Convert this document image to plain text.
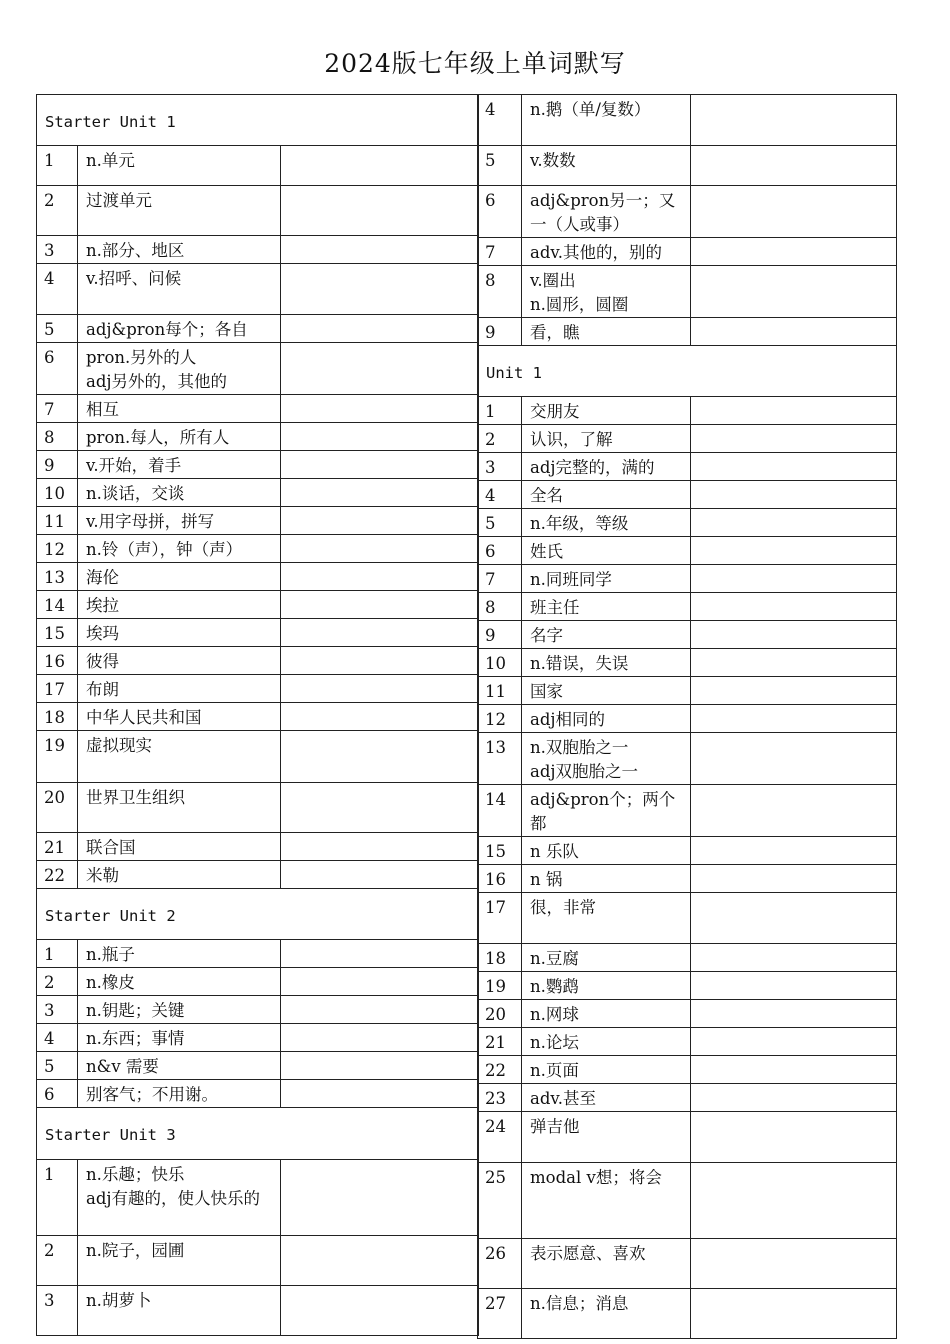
2024版七年级上单词默写
Starter Unit 1		
1	n.单元	
2	过渡单元	
3	n.部分、地区	
4	v.招呼、问候	
5	adj&pron每个；各自	
6	pron.另外的人
adj另外的，其他的	
7	相互	
8	pron.每人，所有人	
9	v.开始，着手	
10	n.谈话，交谈	
11	v.用字母拼，拼写	
12	n.铃（声），钟（声）	
13	海伦	
14	埃拉	
15	埃玛	
16	彼得	
17	布朗	
18	中华人民共和国	
19	虚拟现实	
20	世界卫生组织	
21	联合国	
22	米勒	
Starter Unit 2		
1	n.瓶子	
2	n.橡皮	
3	n.钥匙；关键	
4	n.东西；事情	
5	n&v 需要	
6	别客气；不用谢。	
Starter Unit 3		
1	n.乐趣；快乐
adj有趣的，使人快乐的	
2	n.院子，园圃	
3	n.胡萝卜	
4	n.鹅（单/复数）	
5	v.数数	
6	adj&pron另一；又一（人或事）	
7	adv.其他的，别的	
8	v.圈出
n.圆形，圆圈	
9	看，瞧	
Unit 1		
1	交朋友	
2	认识，了解	
3	adj完整的，满的	
4	全名	
5	n.年级，等级	
6	姓氏	
7	n.同班同学	
8	班主任	
9	名字	
10	n.错误，失误	
11	国家	
12	adj相同的	
13	n.双胞胎之一
adj双胞胎之一	
14	adj&pron个；两个都	
15	n 乐队	
16	n 锅	
17	很，非常	
18	n.豆腐	
19	n.鹦鹉	
20	n.网球	
21	n.论坛	
22	n.页面	
23	adv.甚至	
24	弹吉他	
25	modal v想；将会	
26	表示愿意、喜欢	
27	n.信息；消息	
